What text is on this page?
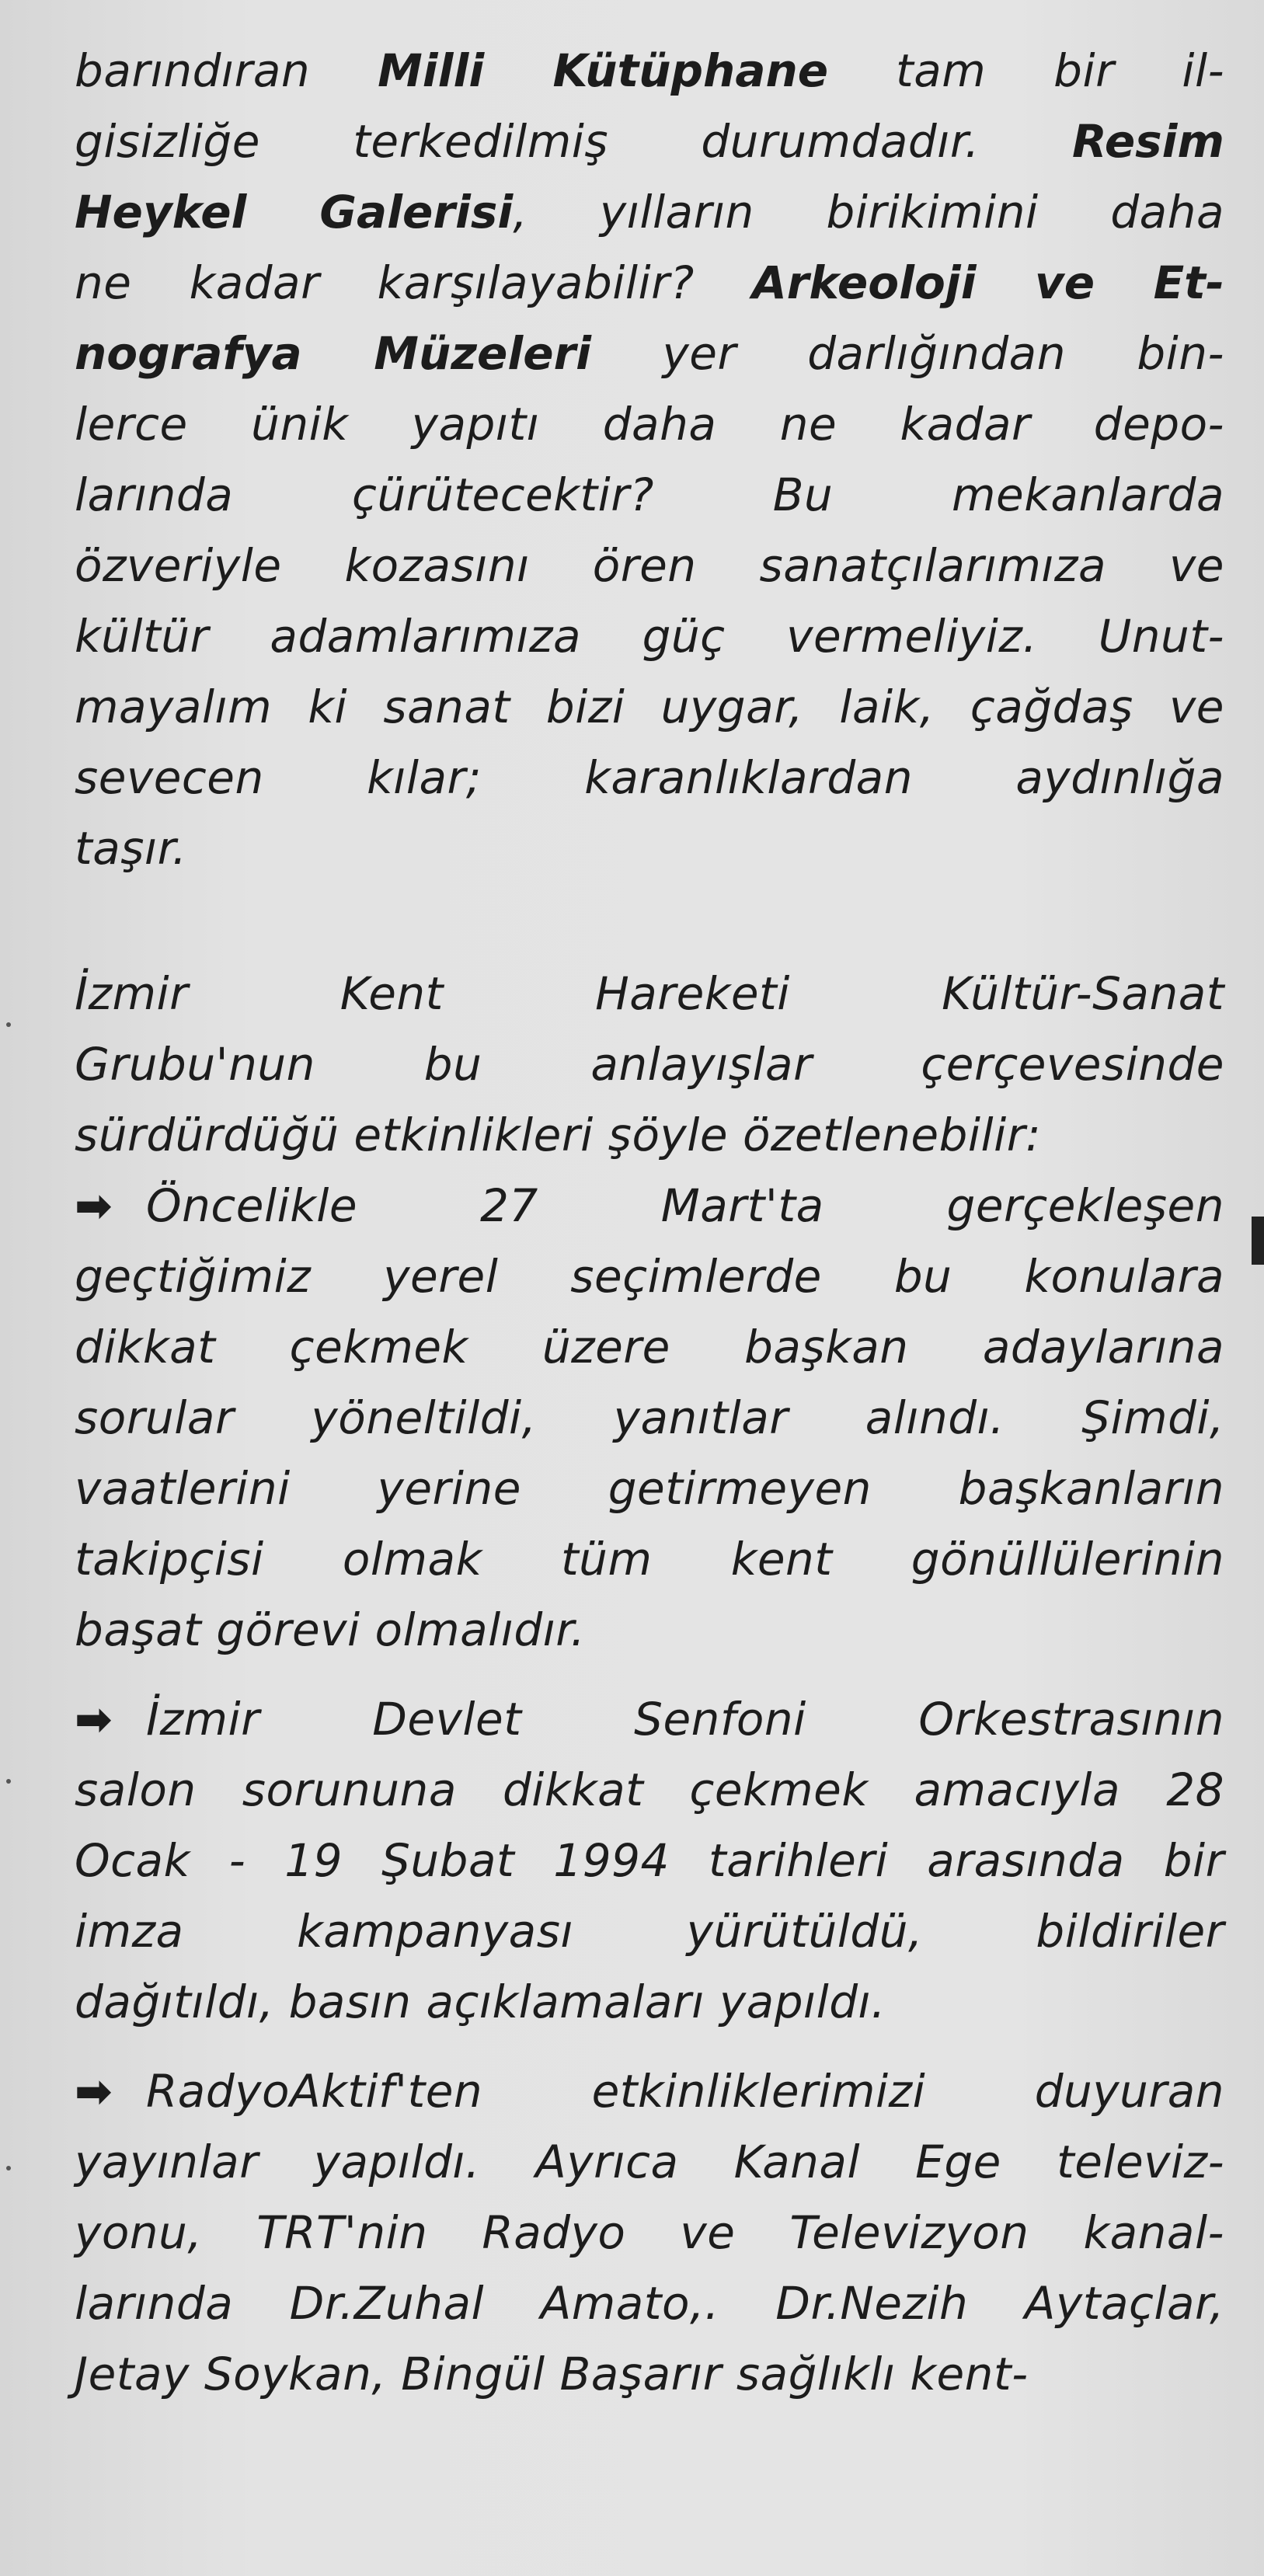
barındıran Milli Kütüphane tam bir il-
gisizliğe terkedilmiş durumdadır. Resim
Heykel Galerisi, yılların birikimini daha
ne kadar karşılayabilir? Arkeoloji ve Et-
nografya Müzeleri yer darlığından bin-
lerce ünik yapıtı daha ne kadar depo-
larında çürütecektir? Bu mekanlarda
özveriyle kozasını ören sanatçılarımıza ve
kültür adamlarımıza güç vermeliyiz. Unut-
mayalım ki sanat bizi uygar, laik, çağdaş ve
sevecen kılar; karanlıklardan aydınlığa
taşır.
İzmir Kent Hareketi Kültür-Sanat
Grubu'nun bu anlayışlar çerçevesinde
sürdürdüğü etkinlikleri şöyle özetlenebilir:
➡ Öncelikle 27 Mart'ta gerçekleşen
geçtiğimiz yerel seçimlerde bu konulara
dikkat çekmek üzere başkan adaylarına
sorular yöneltildi, yanıtlar alındı. Şimdi,
vaatlerini yerine getirmeyen başkanların
takipçisi olmak tüm kent gönüllülerinin
başat görevi olmalıdır.
➡ İzmir Devlet Senfoni Orkestrasının
salon sorununa dikkat çekmek amacıyla 28
Ocak - 19 Şubat 1994 tarihleri arasında bir
imza kampanyası yürütüldü, bildiriler
dağıtıldı, basın açıklamaları yapıldı.
➡ RadyoAktif'ten etkinliklerimizi duyuran
yayınlar yapıldı. Ayrıca Kanal Ege televiz-
yonu, TRT'nin Radyo ve Televizyon kanal-
larında Dr.Zuhal Amato,. Dr.Nezih Aytaçlar,
Jetay Soykan, Bingül Başarır sağlıklı kent-
